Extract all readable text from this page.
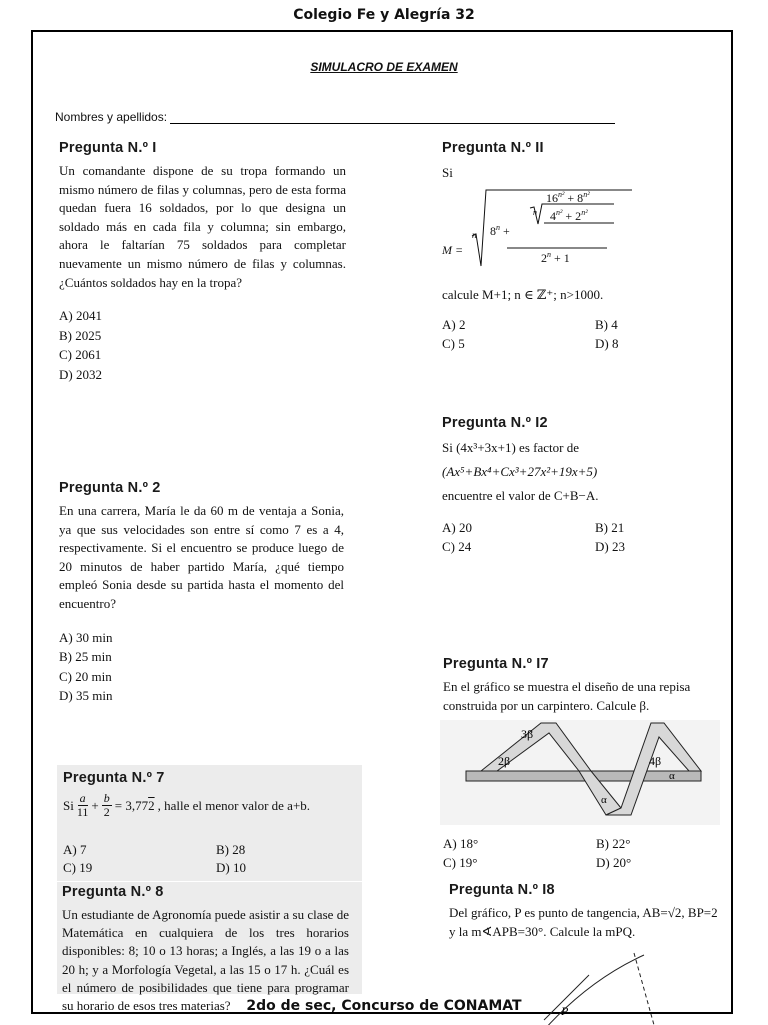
Colegio Fe y Alegría 32
SIMULACRO DE EXAMEN
Nombres y apellidos:
Pregunta N.º I

Un comandante dispone de su tropa formando un mismo número de filas y columnas, pero de esta forma quedan fuera 16 soldados, por lo que designa un soldado más en cada fila y columna; sin embargo, ahora le faltarían 75 soldados para completar nuevamente un mismo número de filas y columnas. ¿Cuántos soldados hay en la tropa?

A) 2041
B) 2025
C) 2061
D) 2032
Pregunta N.º 2

En una carrera, María le da 60 m de ventaja a Sonia, ya que sus velocidades son entre sí como 7 es a 4, respectivamente. Si el encuentro se produce luego de 20 minutos de haber partido María, ¿qué tiempo empleó Sonia desde su partida hasta el momento del encuentro?

A) 30 min
B) 25 min
C) 20 min
D) 35 min
Pregunta N.º 7
Si $\frac{a}{11} + \frac{b}{2} = 3,77$ 2 , halle el menor valor de a+b.
A) 7	B) 28
C) 19	D) 10
Pregunta N.º 8

Un estudiante de Agronomía puede asistir a su clase de Matemática en cualquiera de los tres horarios disponibles: 8; 10 o 13 horas; a Inglés, a las 19 o a las 20 h; y a Morfología Vegetal, a las 15 o 17 h. ¿Cuál es el número de posibilidades que tiene para programar su horario de esos tres materias?

Pregunta N.º II
Si
M =
n $8^n$ +
n
$16^{n^2} + 8^{n^2}$
$4^{n^2} + 2^{n^2}$
$2^n + 1$
calcule M+1; n ∈ ℤ⁺; n>1000.
A) 2	B) 4
C) 5	D) 8
Pregunta N.º I2
Si (4x³+3x+1) es factor de
(Ax⁵+Bx⁴+Cx³+27x²+19x+5)
encuentre el valor de C+B−A.
A) 20	B) 21
C) 24	D) 23
Pregunta N.º I7

En el gráfico se muestra el diseño de una repisa construida por un carpintero. Calcule β.

3β
2β	4β
α
α
A) 18°	B) 22°
C) 19°	D) 20°
Pregunta N.º I8

Del gráfico, P es punto de tangencia, AB=√2, BP=2 y la m∢APB=30°. Calcule la mPQ.

P
2do de sec, Concurso de CONAMAT
